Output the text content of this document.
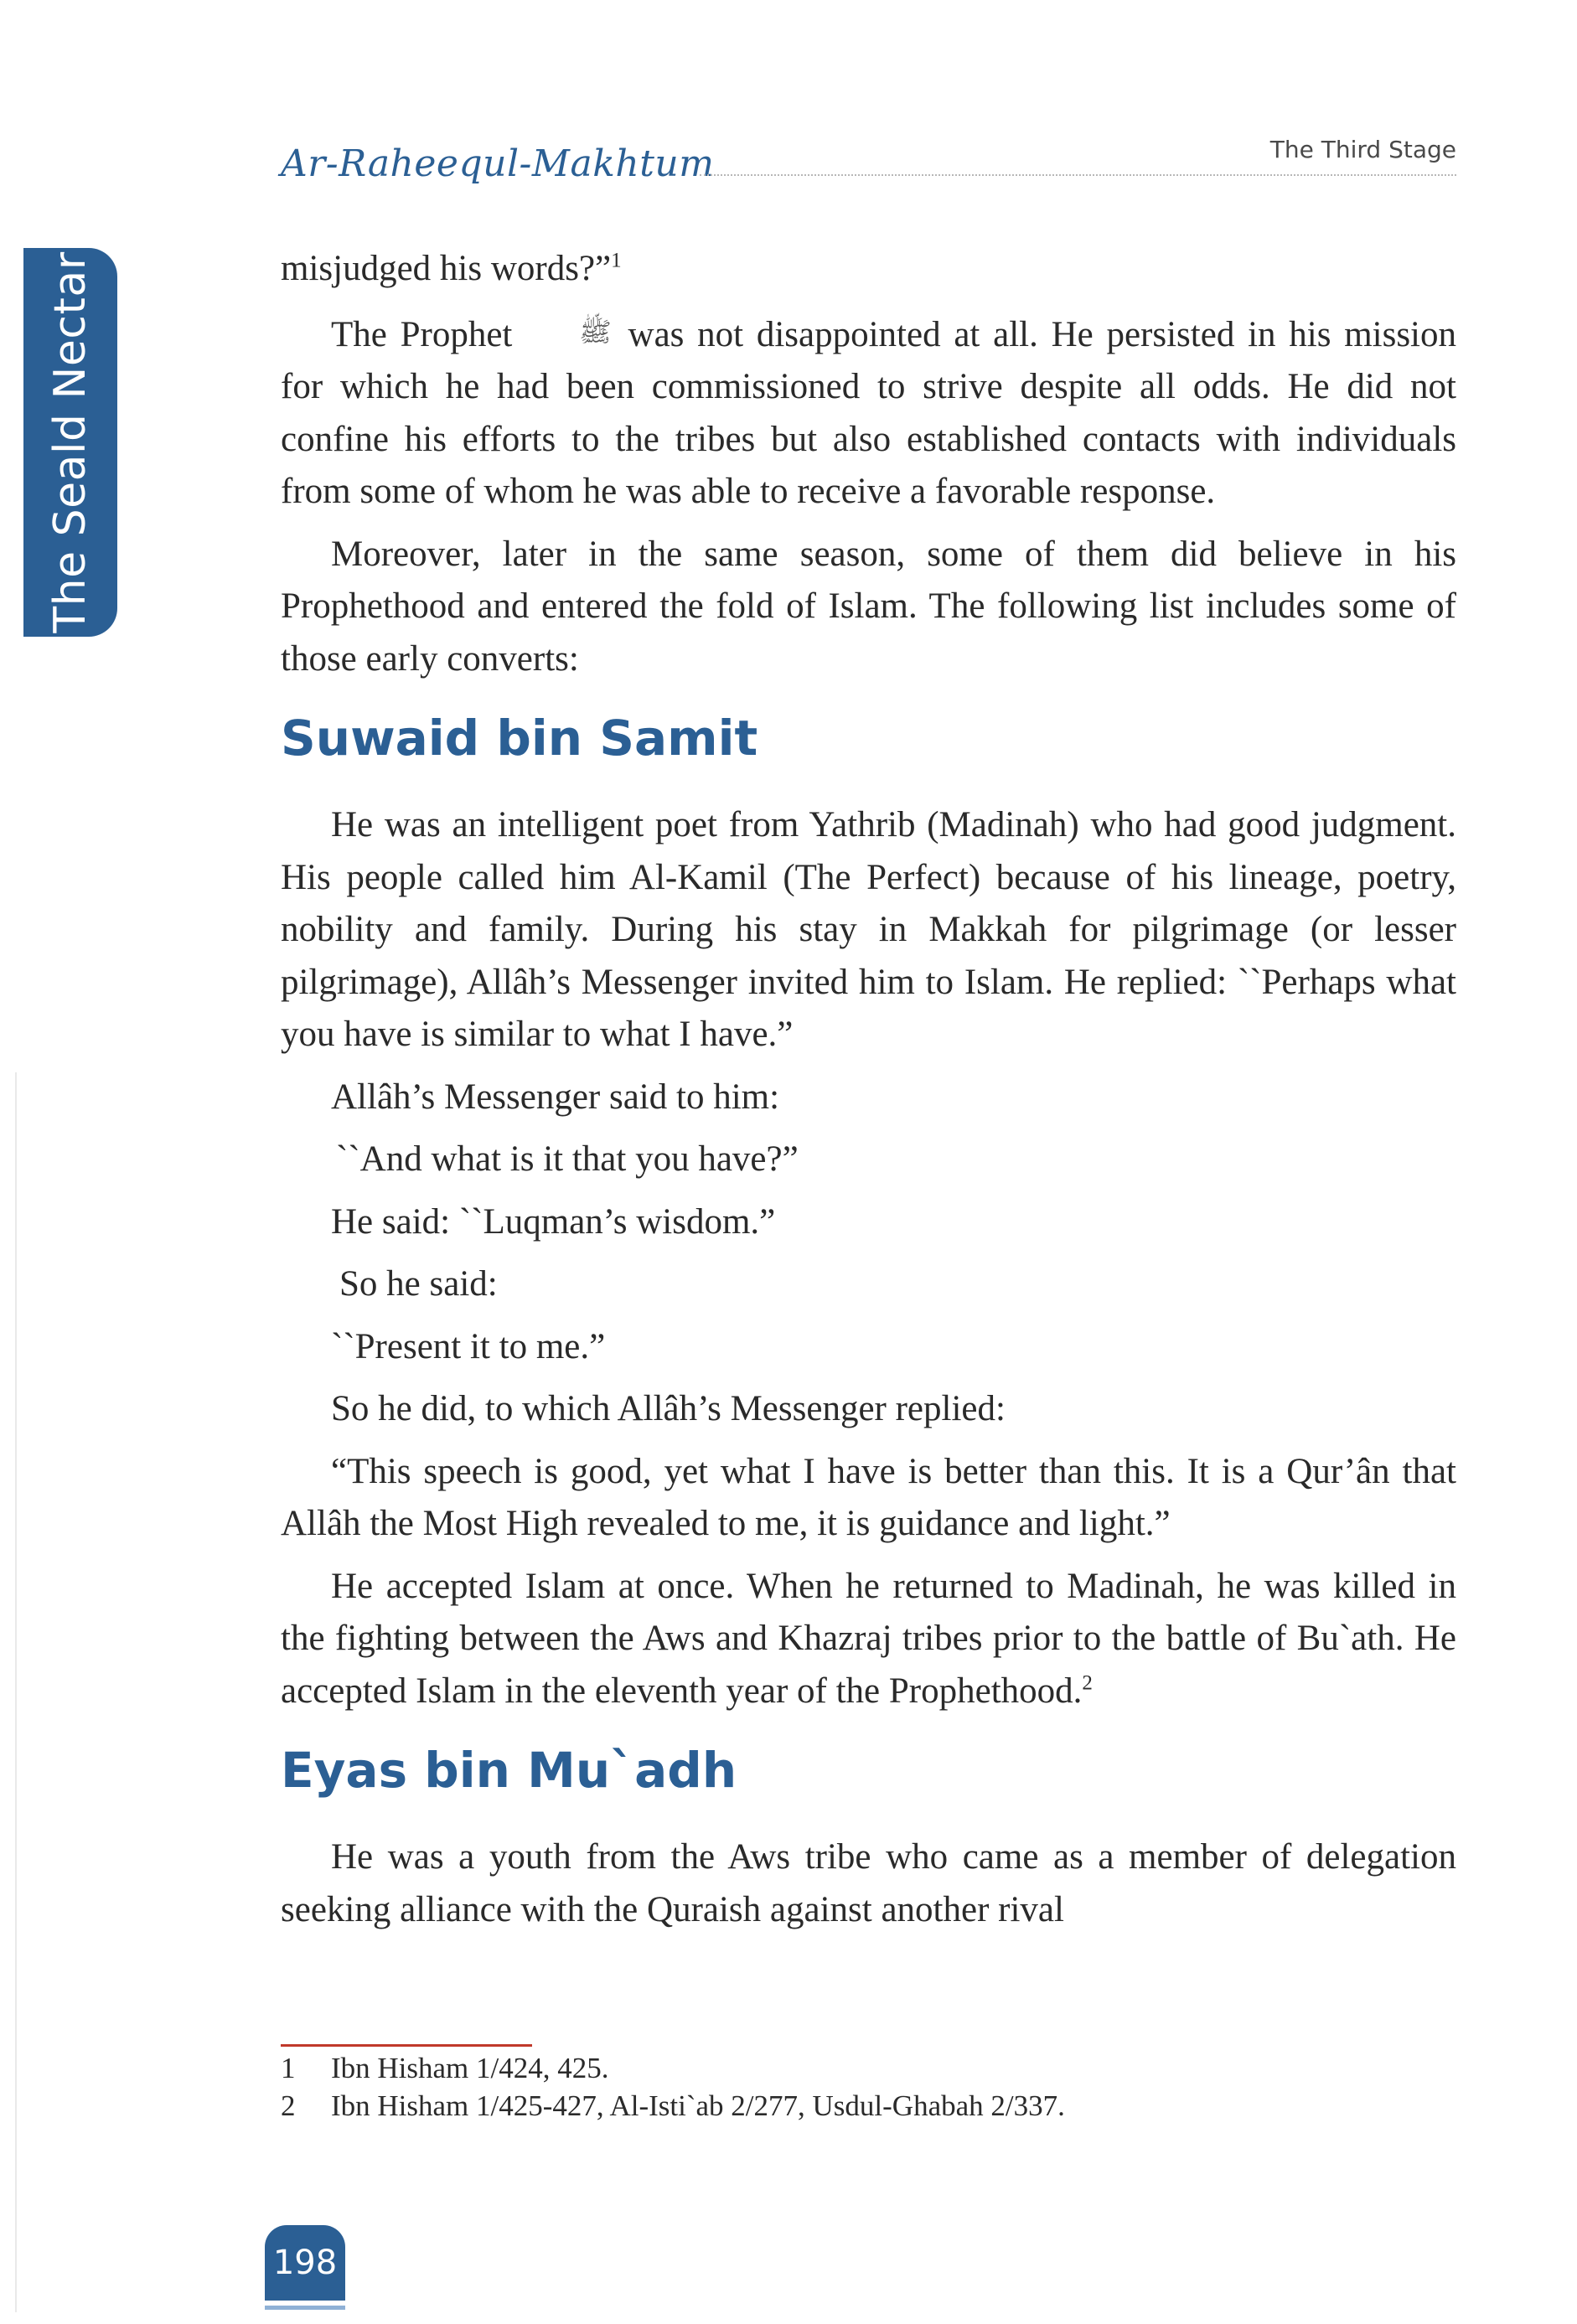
Ar-Raheequl-Makhtum	The Third Stage
The Seald Nectar	misjudged his words?”$^1$

The Prophet ﷺ was not disappointed at all. He persisted in his mission for which he had been commissioned to strive despite all odds. He did not confine his efforts to the tribes but also established contacts with individuals from some of whom he was able to receive a favorable response.

Moreover, later in the same season, some of them did believe in his Prophethood and entered the fold of Islam. The following list includes some of those early converts:

Suwaid bin Samit

He was an intelligent poet from Yathrib (Madinah) who had good judgment. His people called him Al-Kamil (The Perfect) because of his lineage, poetry, nobility and family. During his stay in Makkah for pilgrimage (or lesser pilgrimage), Allâh’s Messenger invited him to Islam. He replied: ``Perhaps what you have is similar to what I have.”

Allâh’s Messenger said to him:
``And what is it that you have?”
He said: ``Luqman’s wisdom.”
So he said:
``Present it to me.”
So he did, to which Allâh’s Messenger replied:

“This speech is good, yet what I have is better than this. It is a Qur’ân that Allâh the Most High revealed to me, it is guidance and light.”

He accepted Islam at once. When he returned to Madinah, he was killed in the fighting between the Aws and Khazraj tribes prior to the battle of Bu`ath. He accepted Islam in the eleventh year of the Prophethood.$^2$

Eyas bin Mu`adh

He was a youth from the Aws tribe who came as a member of delegation seeking alliance with the Quraish against another rival

1 Ibn Hisham 1/424, 425.
2 Ibn Hisham 1/425-427, Al-Isti`ab 2/277, Usdul-Ghabah 2/337.
198
